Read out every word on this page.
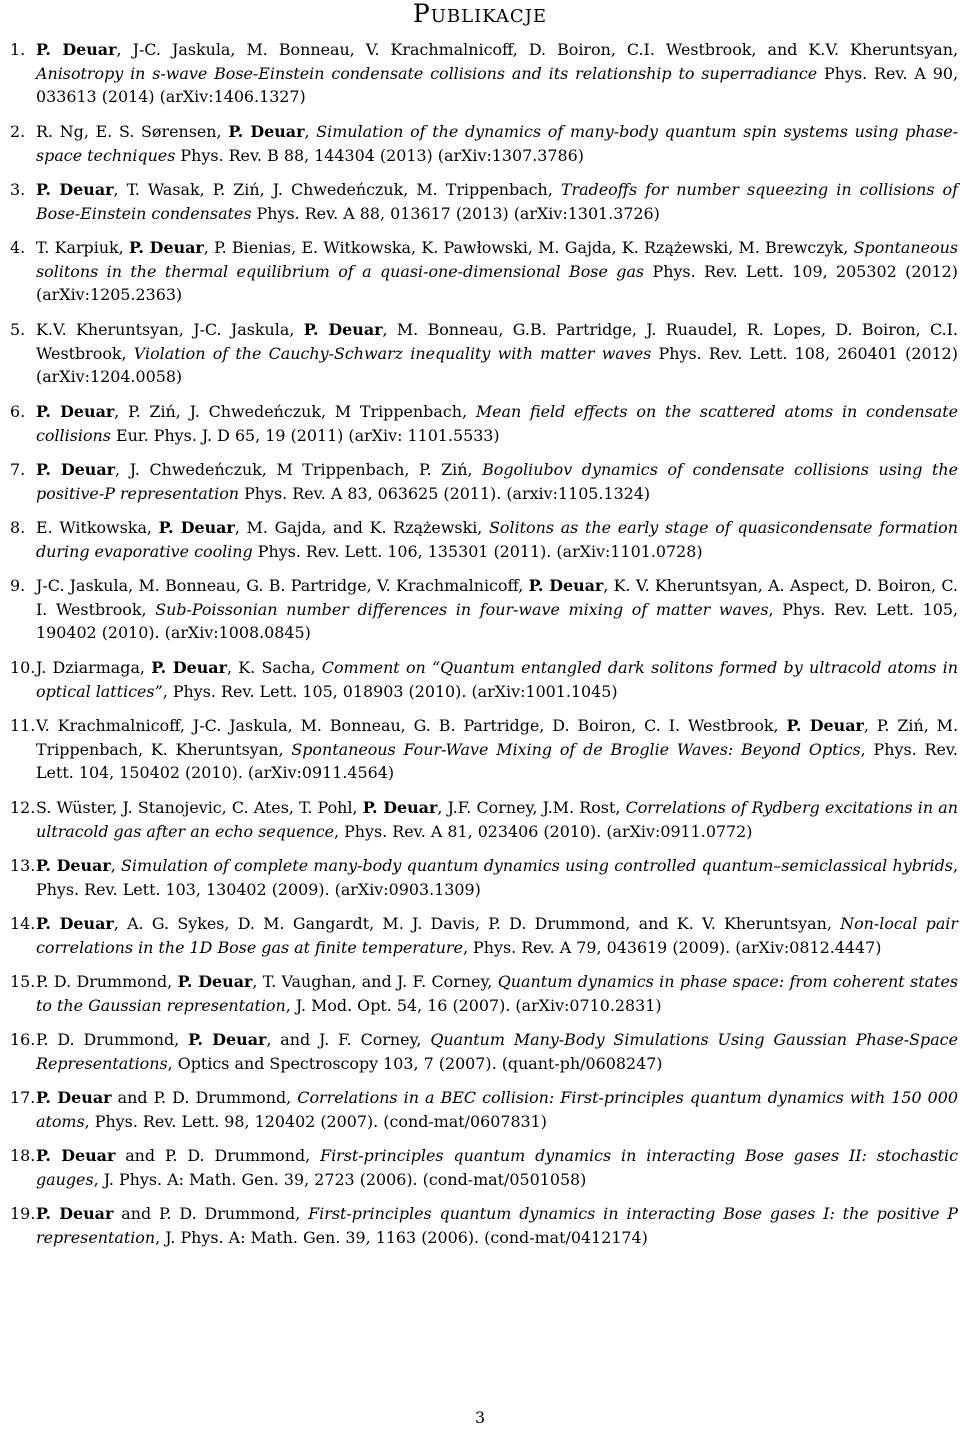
Publikacje
1. P. Deuar, J-C. Jaskula, M. Bonneau, V. Krachmalnicoff, D. Boiron, C.I. Westbrook, and K.V. Kheruntsyan, Anisotropy in s-wave Bose-Einstein condensate collisions and its relationship to superradiance Phys. Rev. A 90, 033613 (2014) (arXiv:1406.1327)
2. R. Ng, E. S. Sørensen, P. Deuar, Simulation of the dynamics of many-body quantum spin systems using phase-space techniques Phys. Rev. B 88, 144304 (2013) (arXiv:1307.3786)
3. P. Deuar, T. Wasak, P. Ziń, J. Chwedeńczuk, M. Trippenbach, Tradeoffs for number squeezing in collisions of Bose-Einstein condensates Phys. Rev. A 88, 013617 (2013) (arXiv:1301.3726)
4. T. Karpiuk, P. Deuar, P. Bienias, E. Witkowska, K. Pawłowski, M. Gajda, K. Rzążewski, M. Brewczyk, Spontaneous solitons in the thermal equilibrium of a quasi-one-dimensional Bose gas Phys. Rev. Lett. 109, 205302 (2012) (arXiv:1205.2363)
5. K.V. Kheruntsyan, J-C. Jaskula, P. Deuar, M. Bonneau, G.B. Partridge, J. Ruaudel, R. Lopes, D. Boiron, C.I. Westbrook, Violation of the Cauchy-Schwarz inequality with matter waves Phys. Rev. Lett. 108, 260401 (2012) (arXiv:1204.0058)
6. P. Deuar, P. Ziń, J. Chwedeńczuk, M Trippenbach, Mean field effects on the scattered atoms in condensate collisions Eur. Phys. J. D 65, 19 (2011) (arXiv: 1101.5533)
7. P. Deuar, J. Chwedeńczuk, M Trippenbach, P. Ziń, Bogoliubov dynamics of condensate collisions using the positive-P representation Phys. Rev. A 83, 063625 (2011). (arxiv:1105.1324)
8. E. Witkowska, P. Deuar, M. Gajda, and K. Rzążewski, Solitons as the early stage of quasicondensate formation during evaporative cooling Phys. Rev. Lett. 106, 135301 (2011). (arXiv:1101.0728)
9. J-C. Jaskula, M. Bonneau, G. B. Partridge, V. Krachmalnicoff, P. Deuar, K. V. Kheruntsyan, A. Aspect, D. Boiron, C. I. Westbrook, Sub-Poissonian number differences in four-wave mixing of matter waves, Phys. Rev. Lett. 105, 190402 (2010). (arXiv:1008.0845)
10. J. Dziarmaga, P. Deuar, K. Sacha, Comment on “Quantum entangled dark solitons formed by ultracold atoms in optical lattices”, Phys. Rev. Lett. 105, 018903 (2010). (arXiv:1001.1045)
11. V. Krachmalnicoff, J-C. Jaskula, M. Bonneau, G. B. Partridge, D. Boiron, C. I. Westbrook, P. Deuar, P. Ziń, M. Trippenbach, K. Kheruntsyan, Spontaneous Four-Wave Mixing of de Broglie Waves: Beyond Optics, Phys. Rev. Lett. 104, 150402 (2010). (arXiv:0911.4564)
12. S. Wüster, J. Stanojevic, C. Ates, T. Pohl, P. Deuar, J.F. Corney, J.M. Rost, Correlations of Rydberg excitations in an ultracold gas after an echo sequence, Phys. Rev. A 81, 023406 (2010). (arXiv:0911.0772)
13. P. Deuar, Simulation of complete many-body quantum dynamics using controlled quantum–semiclassical hybrids, Phys. Rev. Lett. 103, 130402 (2009). (arXiv:0903.1309)
14. P. Deuar, A. G. Sykes, D. M. Gangardt, M. J. Davis, P. D. Drummond, and K. V. Kheruntsyan, Non-local pair correlations in the 1D Bose gas at finite temperature, Phys. Rev. A 79, 043619 (2009). (arXiv:0812.4447)
15. P. D. Drummond, P. Deuar, T. Vaughan, and J. F. Corney, Quantum dynamics in phase space: from coherent states to the Gaussian representation, J. Mod. Opt. 54, 16 (2007). (arXiv:0710.2831)
16. P. D. Drummond, P. Deuar, and J. F. Corney, Quantum Many-Body Simulations Using Gaussian Phase-Space Representations, Optics and Spectroscopy 103, 7 (2007). (quant-ph/0608247)
17. P. Deuar and P. D. Drummond, Correlations in a BEC collision: First-principles quantum dynamics with 150 000 atoms, Phys. Rev. Lett. 98, 120402 (2007). (cond-mat/0607831)
18. P. Deuar and P. D. Drummond, First-principles quantum dynamics in interacting Bose gases II: stochastic gauges, J. Phys. A: Math. Gen. 39, 2723 (2006). (cond-mat/0501058)
19. P. Deuar and P. D. Drummond, First-principles quantum dynamics in interacting Bose gases I: the positive P representation, J. Phys. A: Math. Gen. 39, 1163 (2006). (cond-mat/0412174)
3
